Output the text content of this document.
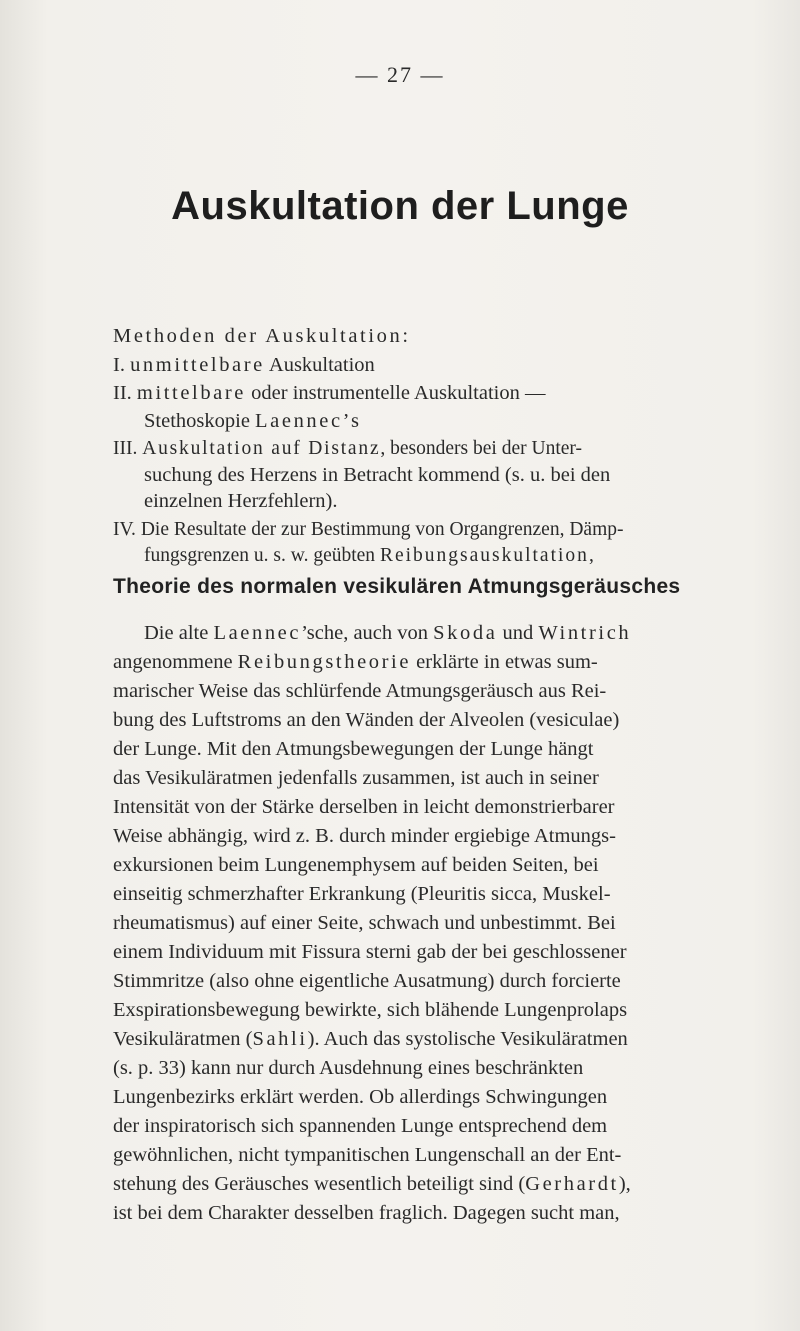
— 27 —
Auskultation der Lunge
Methoden der Auskultation:
I. unmittelbare Auskultation
II. mittelbare oder instrumentelle Auskultation —
Stethoskopie Laennec’s
III. Auskultation auf Distanz, besonders bei der Unter-
suchung des Herzens in Betracht kommend (s. u. bei den
einzelnen Herzfehlern).
IV. Die Resultate der zur Bestimmung von Organgrenzen, Dämp-
fungsgrenzen u. s. w. geübten Reibungsauskultation,
Theorie des normalen vesikulären Atmungsgeräusches
Die alte Laennec’sche, auch von Skoda und Wintrich
angenommene Reibungstheorie erklärte in etwas sum-
marischer Weise das schlürfende Atmungsgeräusch aus Rei-
bung des Luftstroms an den Wänden der Alveolen (vesiculae)
der Lunge. Mit den Atmungsbewegungen der Lunge hängt
das Vesikuläratmen jedenfalls zusammen, ist auch in seiner
Intensität von der Stärke derselben in leicht demonstrierbarer
Weise abhängig, wird z. B. durch minder ergiebige Atmungs-
exkursionen beim Lungenemphysem auf beiden Seiten, bei
einseitig schmerzhafter Erkrankung (Pleuritis sicca, Muskel-
rheumatismus) auf einer Seite, schwach und unbestimmt. Bei
einem Individuum mit Fissura sterni gab der bei geschlossener
Stimmritze (also ohne eigentliche Ausatmung) durch forcierte
Exspirationsbewegung bewirkte, sich blähende Lungenprolaps
Vesikuläratmen (Sahli). Auch das systolische Vesikuläratmen
(s. p. 33) kann nur durch Ausdehnung eines beschränkten
Lungenbezirks erklärt werden. Ob allerdings Schwingungen
der inspiratorisch sich spannenden Lunge entsprechend dem
gewöhnlichen, nicht tympanitischen Lungenschall an der Ent-
stehung des Geräusches wesentlich beteiligt sind (Gerhardt),
ist bei dem Charakter desselben fraglich. Dagegen sucht man,
